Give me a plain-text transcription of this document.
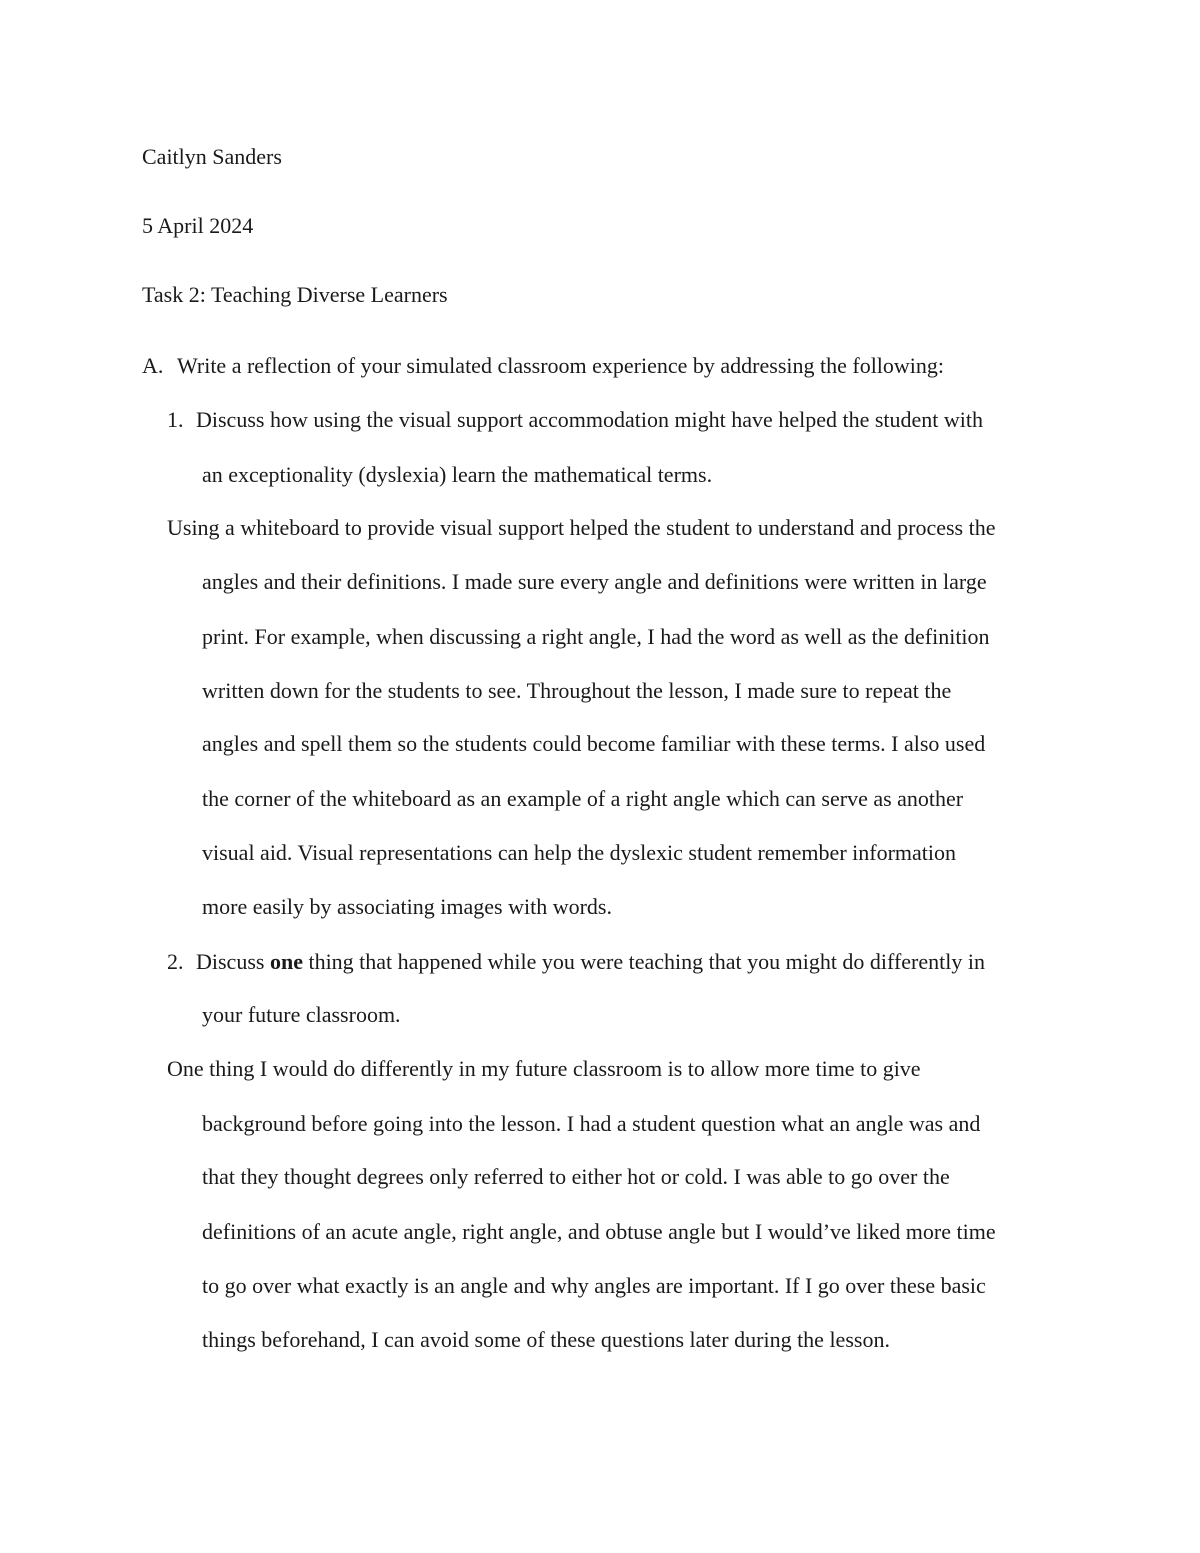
Caitlyn Sanders
5 April 2024
Task 2: Teaching Diverse Learners
A. Write a reflection of your simulated classroom experience by addressing the following:
1. Discuss how using the visual support accommodation might have helped the student with
an exceptionality (dyslexia) learn the mathematical terms.
Using a whiteboard to provide visual support helped the student to understand and process the
angles and their definitions. I made sure every angle and definitions were written in large
print. For example, when discussing a right angle, I had the word as well as the definition
written down for the students to see. Throughout the lesson, I made sure to repeat the
angles and spell them so the students could become familiar with these terms. I also used
the corner of the whiteboard as an example of a right angle which can serve as another
visual aid. Visual representations can help the dyslexic student remember information
more easily by associating images with words.
2. Discuss one thing that happened while you were teaching that you might do differently in
your future classroom.
One thing I would do differently in my future classroom is to allow more time to give
background before going into the lesson. I had a student question what an angle was and
that they thought degrees only referred to either hot or cold. I was able to go over the
definitions of an acute angle, right angle, and obtuse angle but I would’ve liked more time
to go over what exactly is an angle and why angles are important. If I go over these basic
things beforehand, I can avoid some of these questions later during the lesson.
